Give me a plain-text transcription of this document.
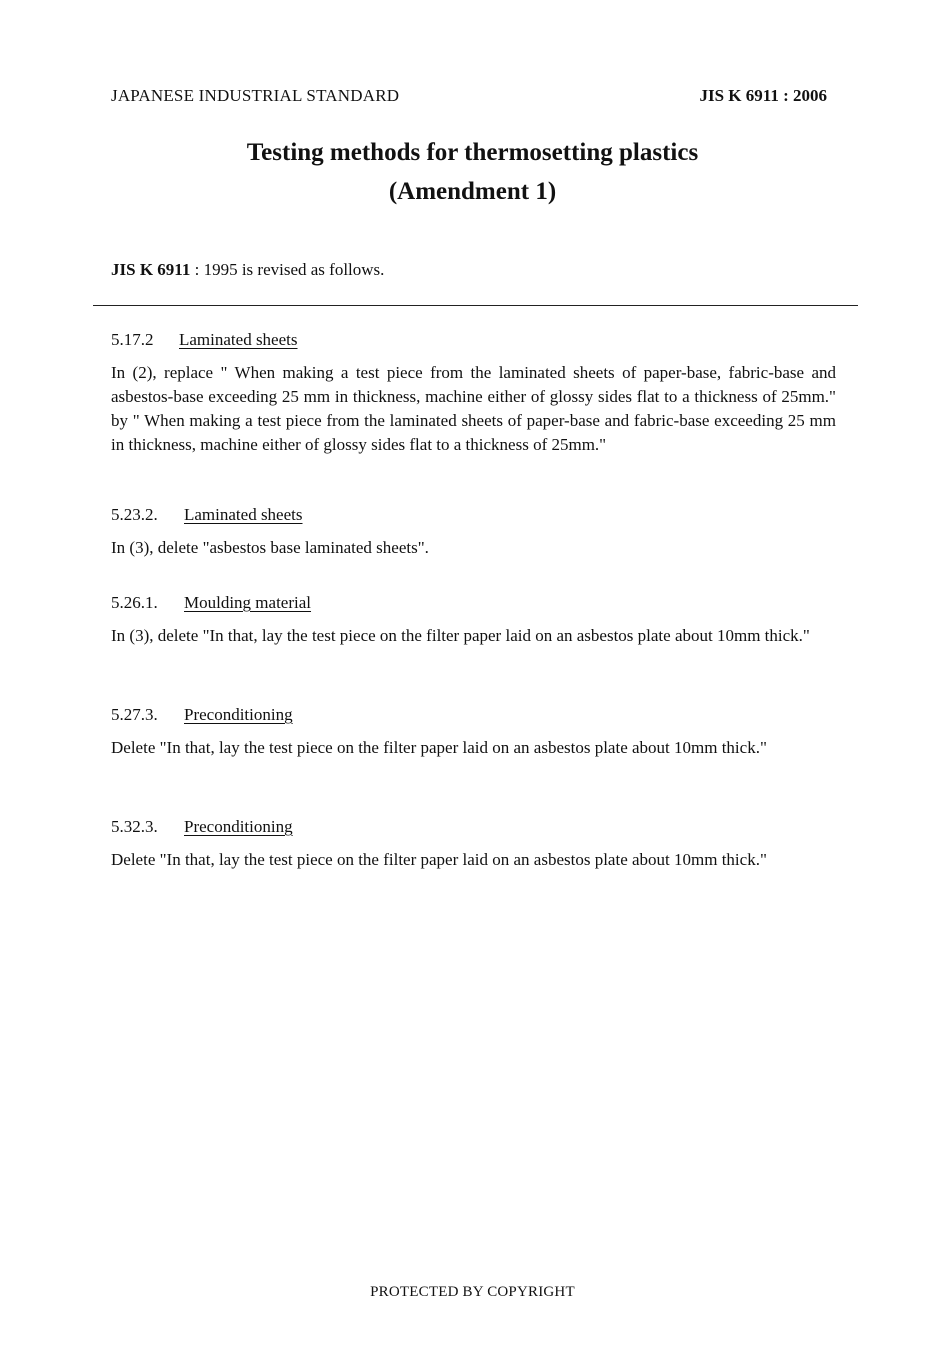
JAPANESE INDUSTRIAL STANDARD	JIS K 6911 : 2006
Testing methods for thermosetting plastics
(Amendment 1)
JIS K 6911 : 1995 is revised as follows.

5.17.2 Laminated sheets

In (2), replace " When making a test piece from the laminated sheets of paper-base, fabric-base and asbestos-base exceeding 25 mm in thickness, machine either of glossy sides flat to a thickness of 25mm." by " When making a test piece from the laminated sheets of paper-base and fabric-base exceeding 25 mm in thickness, machine either of glossy sides flat to a thickness of 25mm."

5.23.2. Laminated sheets

In (3), delete "asbestos base laminated sheets".

5.26.1. Moulding material

In (3), delete "In that, lay the test piece on the filter paper laid on an asbestos plate about 10mm thick."

5.27.3. Preconditioning

Delete "In that, lay the test piece on the filter paper laid on an asbestos plate about 10mm thick."

5.32.3. Preconditioning

Delete "In that, lay the test piece on the filter paper laid on an asbestos plate about 10mm thick."

PROTECTED BY COPYRIGHT
